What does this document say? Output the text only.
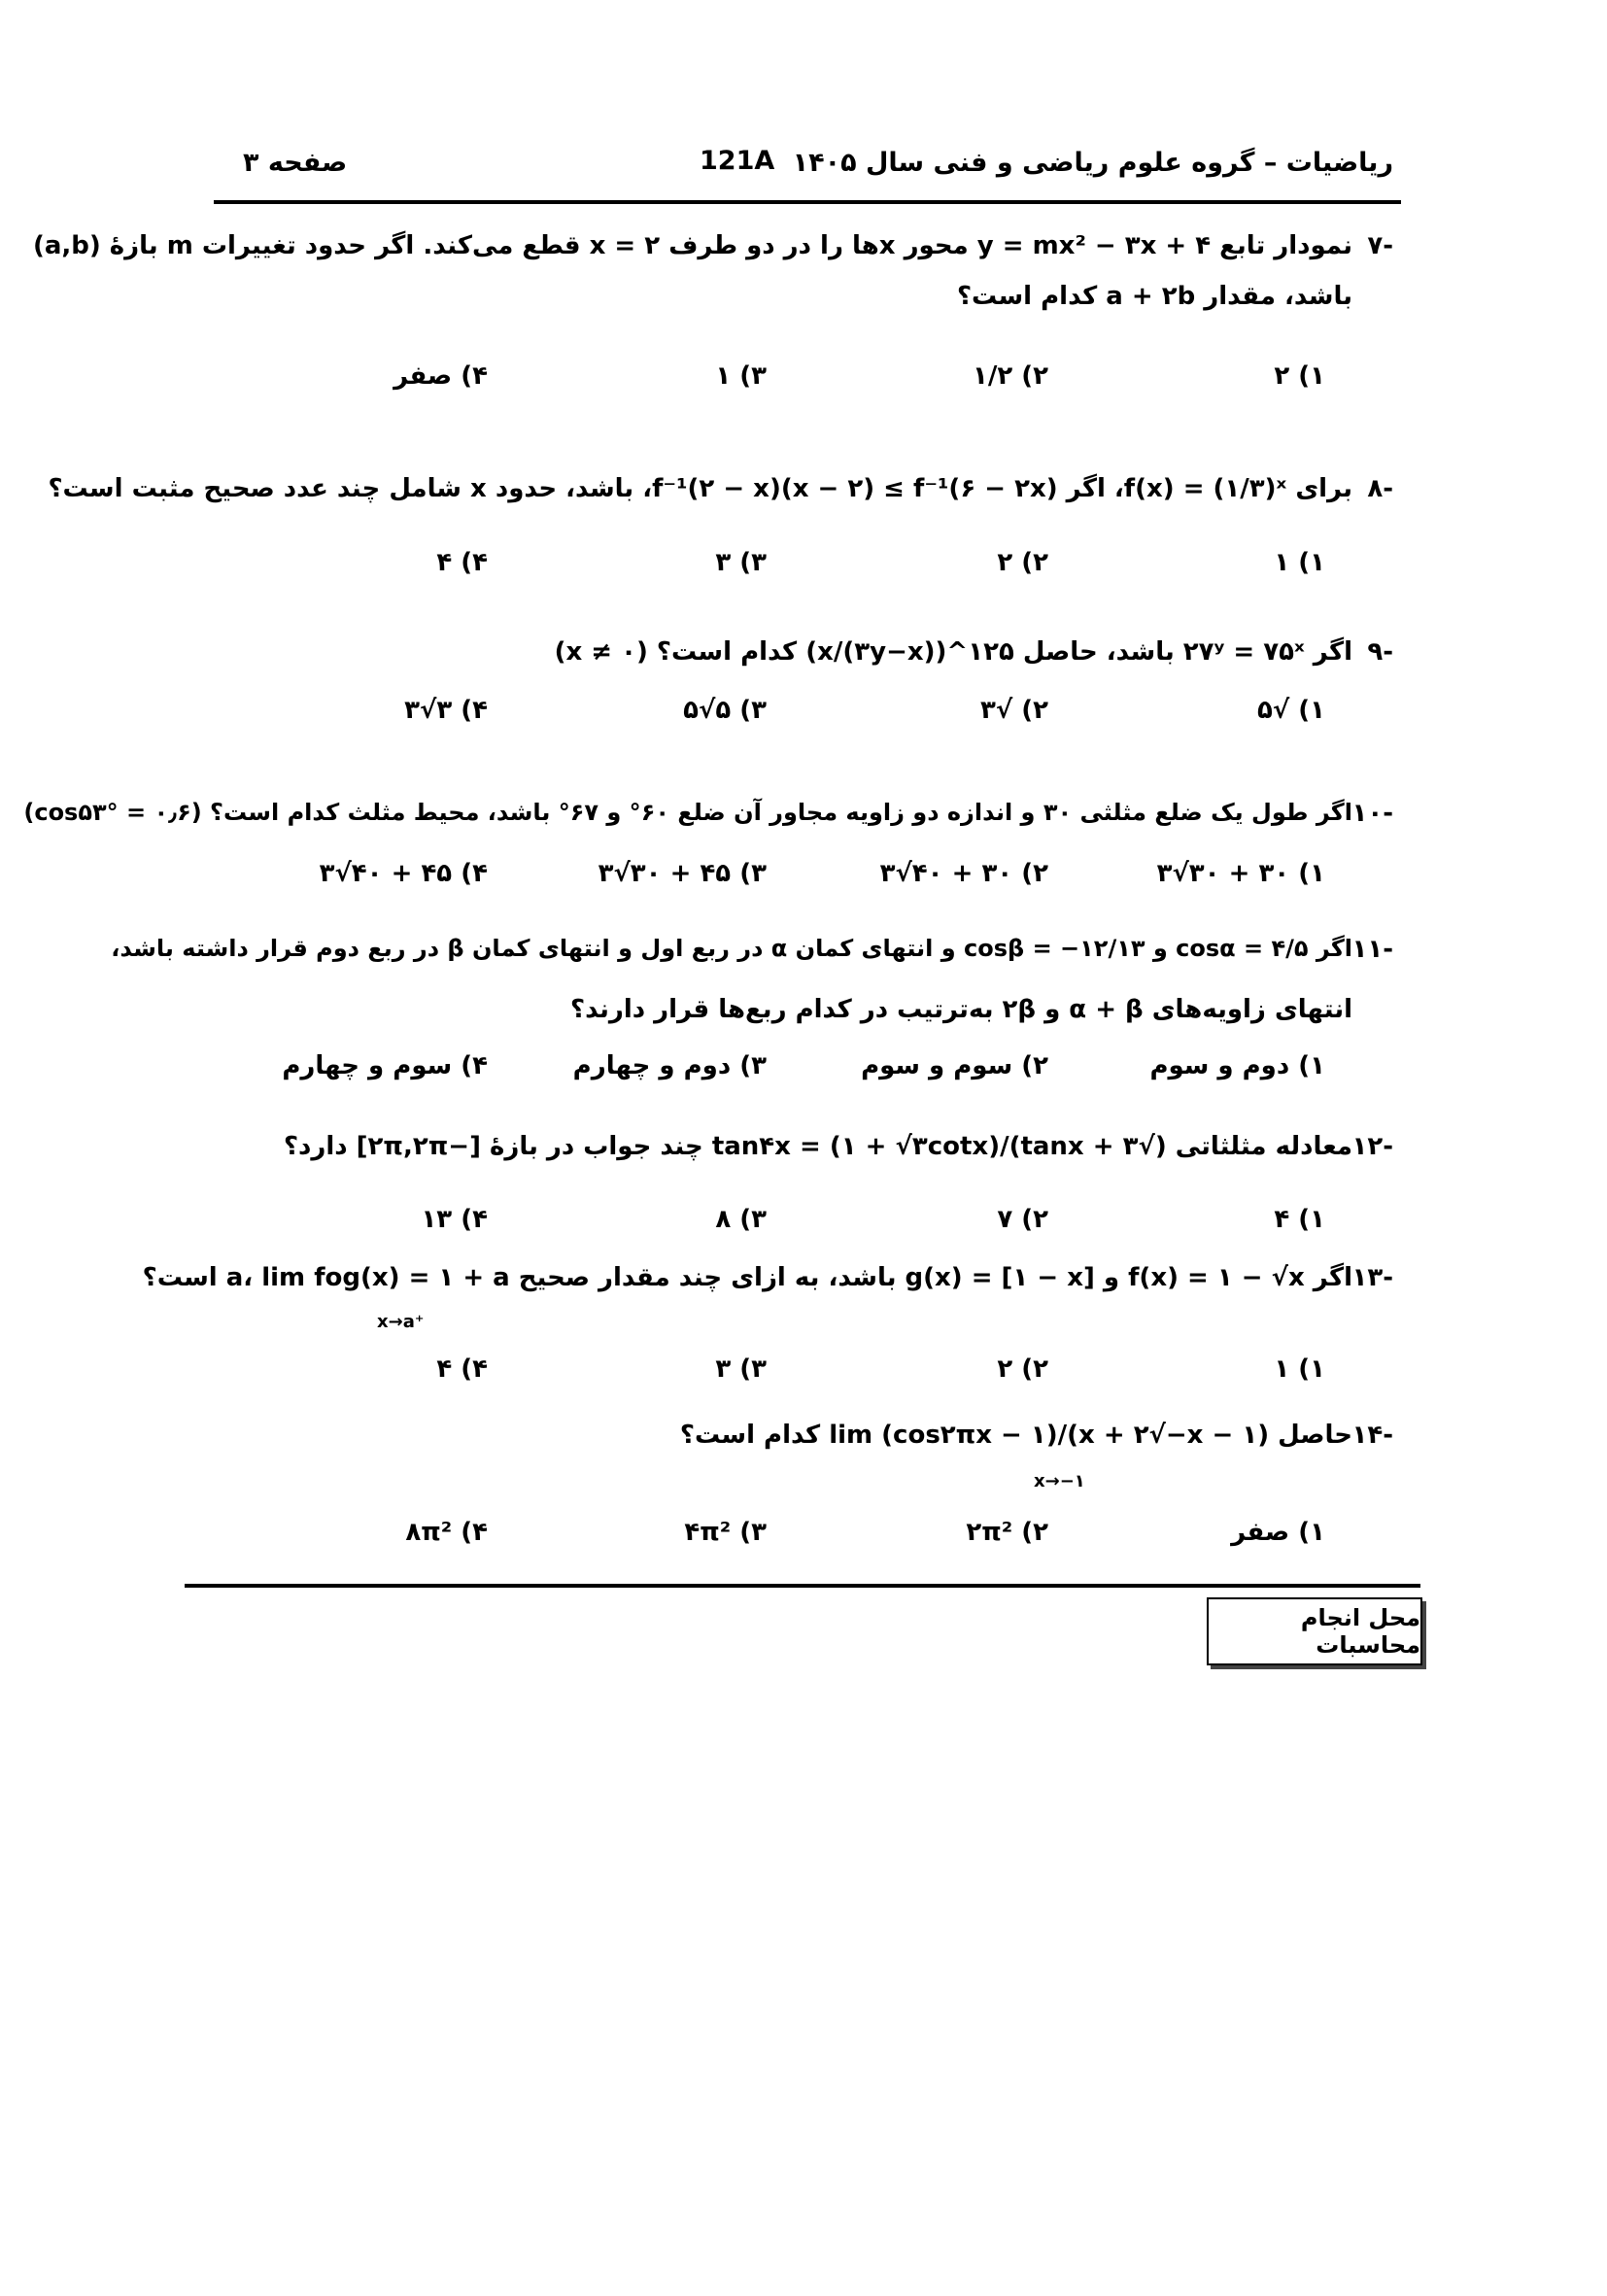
ریاضیات – گروه علوم ریاضی و فنی سال ۱۴۰۵
121A
صفحه ۳
-۷
نمودار تابع y = mx² − ۳x + ۴ محور xها را در دو طرف x = ۲ قطع می‌کند. اگر حدود تغییرات m بازهٔ (a,b)
باشد، مقدار a + ۲b کدام است؟
۱) ۲
۲) ۱/۲
۳) ۱
۴) صفر
-۸
برای f(x) = (۱/۳)ˣ، اگر f⁻¹(۲ − x)(x − ۲) ≤ f⁻¹(۶ − ۲x)، باشد، حدود x شامل چند عدد صحیح مثبت است؟
۱) ۱
۲) ۲
۳) ۳
۴) ۴
-۹
اگر ۲۷ʸ = ۷۵ˣ باشد، حاصل ۱۲۵^(x/(۳y−x)) کدام است؟ (x ≠ ۰)
۱) √۵
۲) √۳
۳) ۵√۵
۴) ۳√۳
-۱۰
اگر طول یک ضلع مثلثی ۳۰ و اندازه دو زاویه مجاور آن ضلع ۶۰° و ۶۷° باشد، محیط مثلث کدام است؟ (cos۵۳° = ۰٫۶)
۱) ۳۰ + ۳۰√۳
۲) ۳۰ + ۴۰√۳
۳) ۴۵ + ۳۰√۳
۴) ۴۵ + ۴۰√۳
-۱۱
اگر cosα = ۴/۵ و cosβ = −۱۲/۱۳ و انتهای کمان α در ربع اول و انتهای کمان β در ربع دوم قرار داشته باشد،
انتهای زاویه‌های α + β و ۲β به‌ترتیب در کدام ربع‌ها قرار دارند؟
۱) دوم و سوم
۲) سوم و سوم
۳) دوم و چهارم
۴) سوم و چهارم
-۱۲
معادله مثلثاتی (√۳ + tanx)/(۱ + √۳cotx) = tan۴x چند جواب در بازهٔ [−۲π,۲π] دارد؟
۱) ۴
۲) ۷
۳) ۸
۴) ۱۳
-۱۳
اگر f(x) = ۱ − √x و g(x) = [۱ − x] باشد، به ازای چند مقدار صحیح a، lim fog(x) = ۱ + a است؟
x→a⁺
۱) ۱
۲) ۲
۳) ۳
۴) ۴
-۱۴
حاصل lim (cos۲πx − ۱)/(x + ۲√−x − ۱) کدام است؟
x→−۱
۱) صفر
۲) ۲π²
۳) ۴π²
۴) ۸π²
محل انجام محاسبات
